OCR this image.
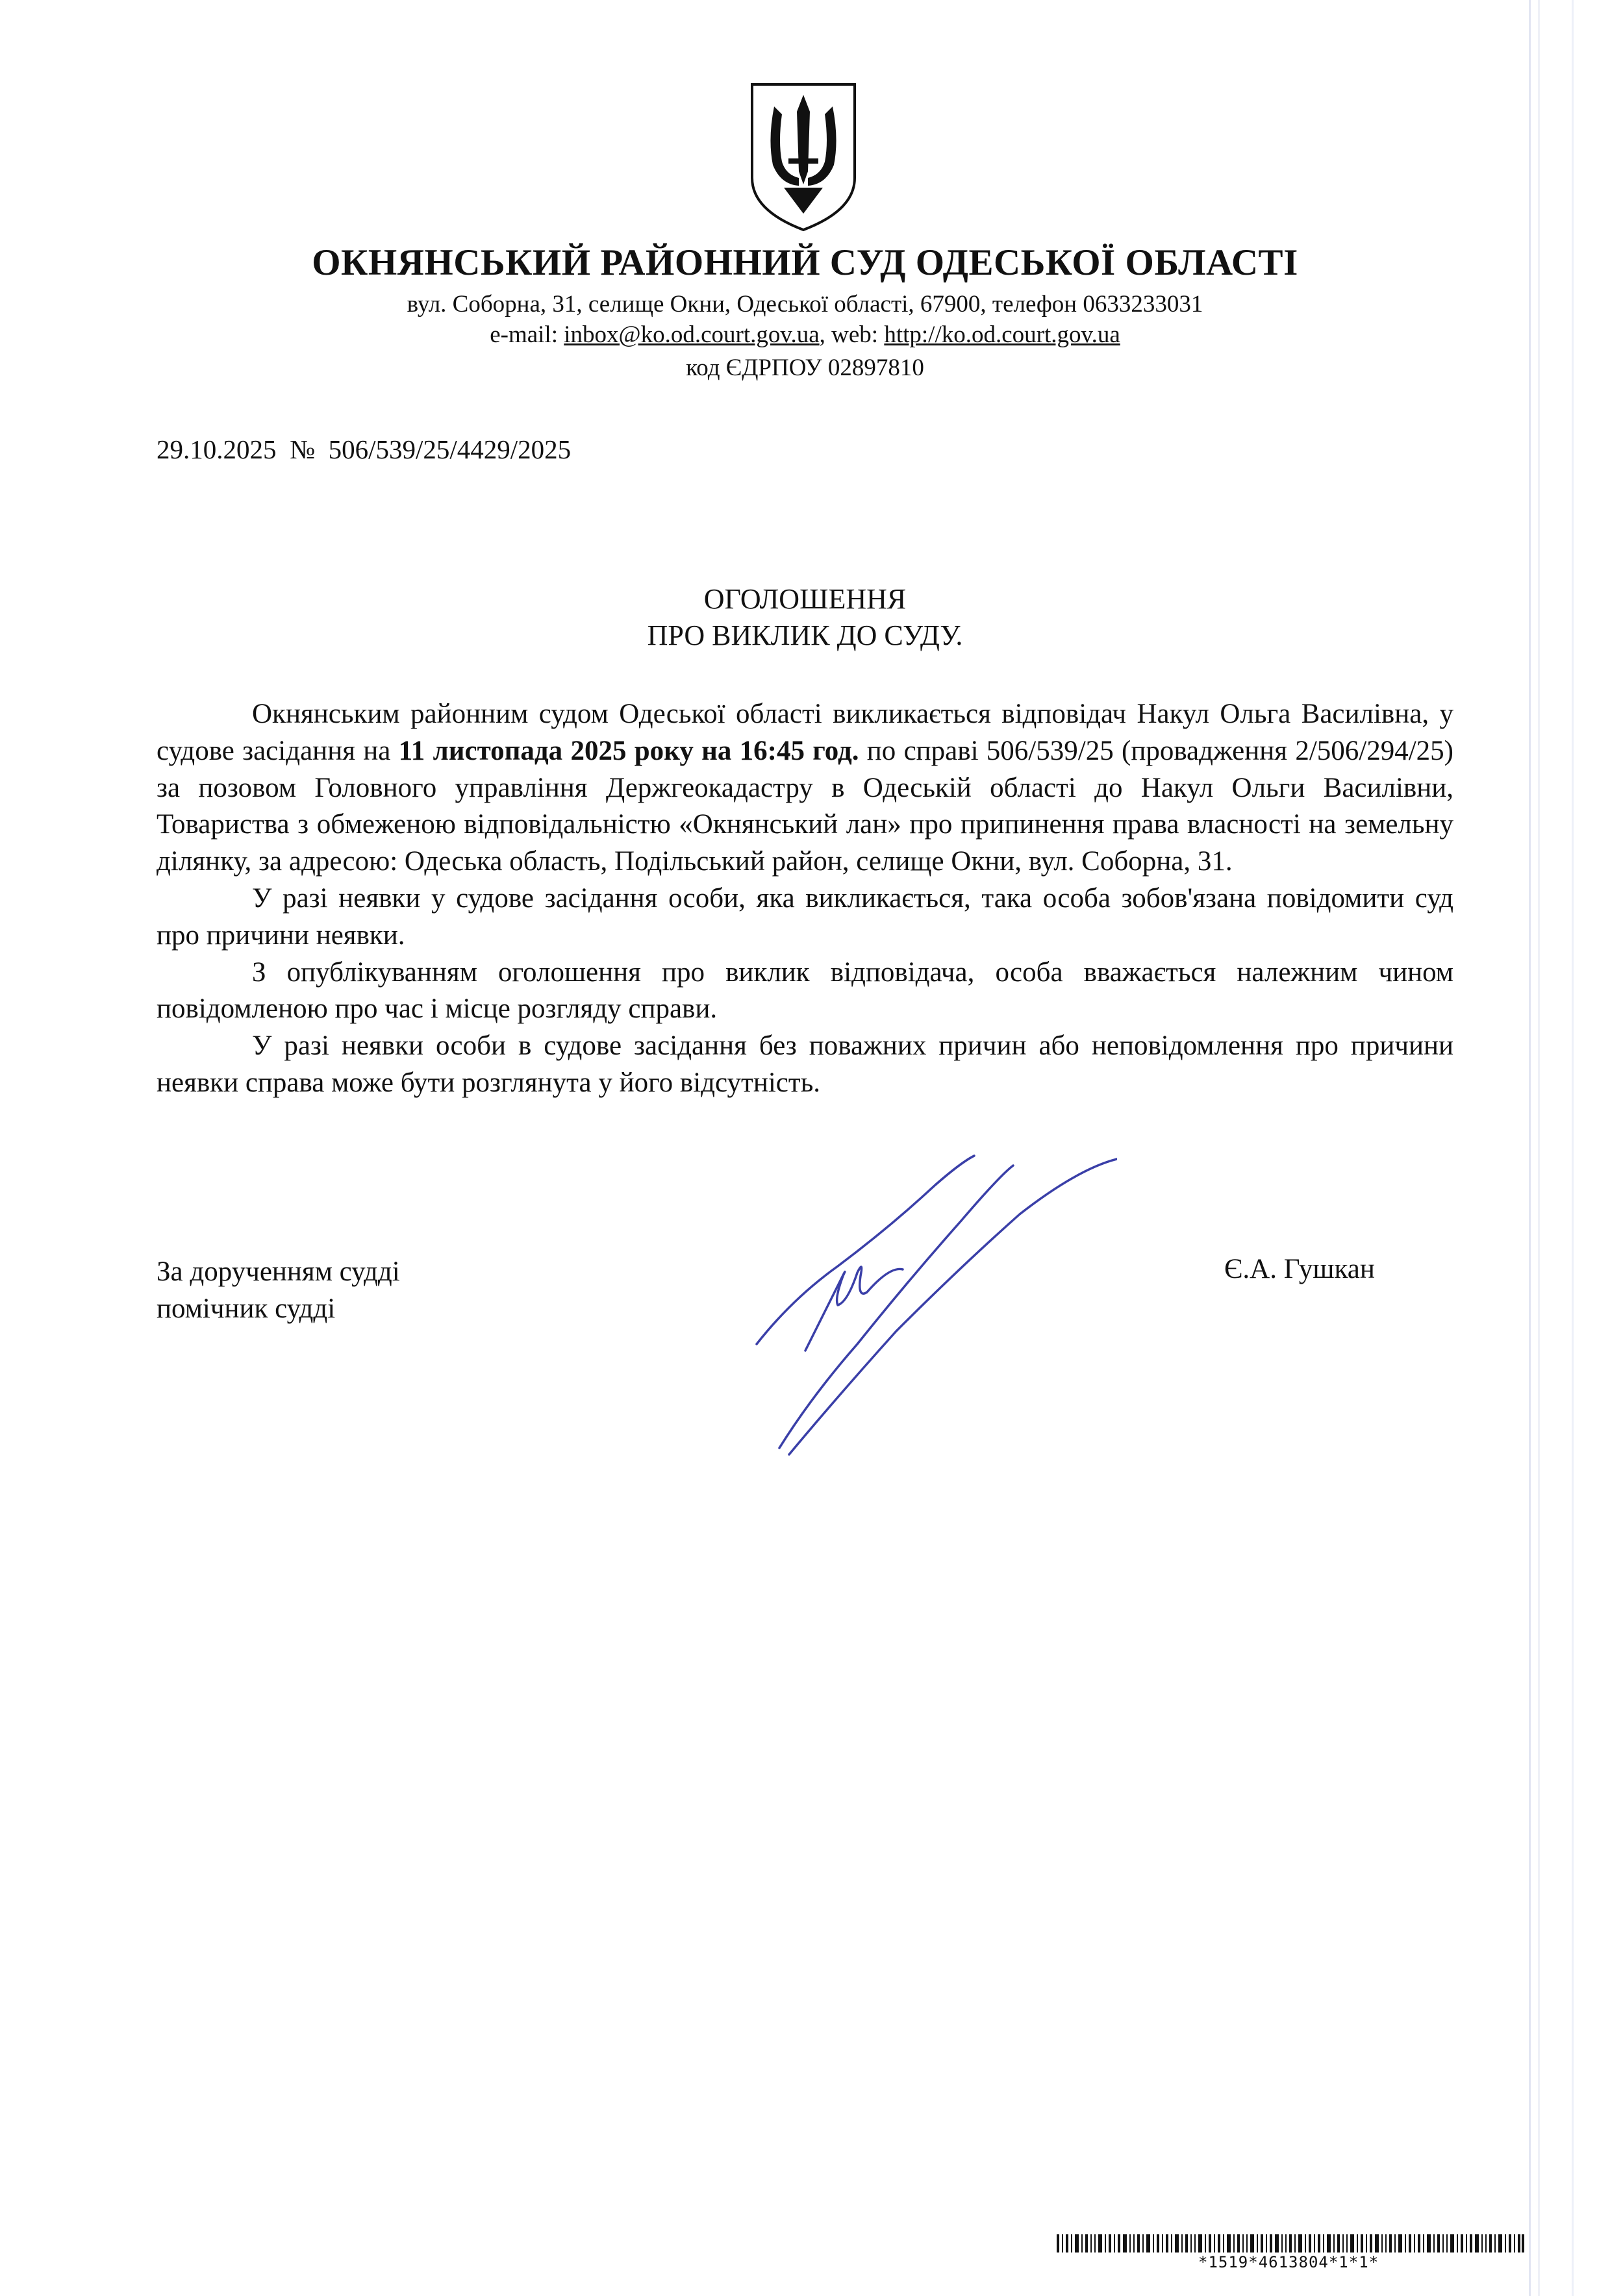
ОКНЯНСЬКИЙ РАЙОННИЙ СУД ОДЕСЬКОЇ ОБЛАСТІ
вул. Соборна, 31, селище Окни, Одеської області, 67900, телефон 0633233031
e-mail: inbox@ko.od.court.gov.ua, web: http://ko.od.court.gov.ua
код ЄДРПОУ 02897810
29.10.2025  №  506/539/25/4429/2025
ОГОЛОШЕННЯ
ПРО ВИКЛИК ДО СУДУ.

Окнянським районним судом Одеської області викликається відповідач Накул Ольга Василівна, у судове засідання на 11 листопада 2025 року на 16:45 год. по справі 506/539/25 (провадження 2/506/294/25) за позовом Головного управління Держгеокадастру в Одеській області до Накул Ольги Василівни, Товариства з обмеженою відповідальністю «Окнянський лан» про припинення права власності на земельну ділянку, за адресою: Одеська область, Подільський район, селище Окни, вул. Соборна, 31.

У разі неявки у судове засідання особи, яка викликається, така особа зобов'язана повідомити суд про причини неявки.

З опублікуванням оголошення про виклик відповідача, особа вважається належним чином повідомленою про час і місце розгляду справи.

У разі неявки особи в судове засідання без поважних причин або неповідомлення про причини неявки справа може бути розглянута у його відсутність.

За дорученням судді
помічник судді
Є.А. Гушкан
*1519*4613804*1*1*
